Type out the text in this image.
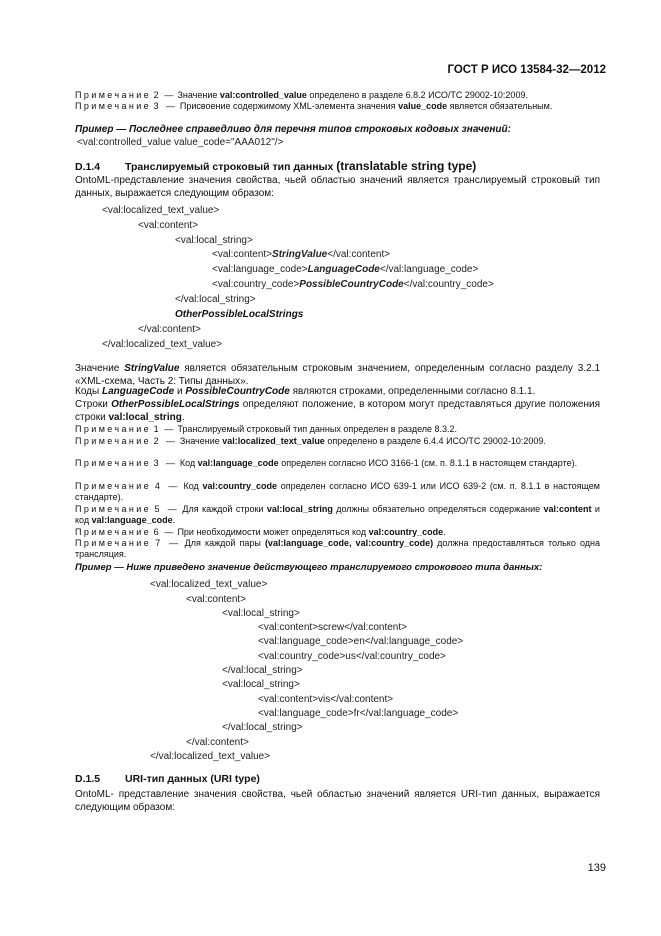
ГОСТ Р ИСО 13584-32—2012
Примечание 2 — Значение val:controlled_value определено в разделе 6.8.2 ИСО/ТС 29002-10:2009.
Примечание 3 — Присвоение содержимому XML-элемента значения value_code является обязательным.
Пример — Последнее справедливо для перечня типов строковых кодовых значений:
<val:controlled_value value_code="AAA012"/>
D.1.4 Транслируемый строковый тип данных (translatable string type)
OntoML-представление значения свойства, чьей областью значений является транслируемый строковый тип данных, выражается следующим образом:
<val:localized_text_value>
<val:content>
<val:local_string>
<val:content>StringValue</val:content>
<val:language_code>LanguageCode</val:language_code>
<val:country_code>PossibleCountryCode</val:country_code>
</val:local_string>
OtherPossibleLocalStrings
</val:content>
</val:localized_text_value>
Значение StringValue является обязательным строковым значением, определенным согласно разделу 3.2.1 «XML-схема, Часть 2: Типы данных».
Коды LanguageCode и PossibleCountryCode являются строками, определенными согласно 8.1.1.
Строки OtherPossibleLocalStrings определяют положение, в котором могут представляться другие положения строки val:local_string.
Примечание 1 — Транслируемый строковый тип данных определен в разделе 8.3.2.
Примечание 2 — Значение val:localized_text_value определено в разделе 6.4.4 ИСО/ТС 29002-10:2009.
Примечание 3 — Код val:language_code определен согласно ИСО 3166-1 (см. п. 8.1.1 в настоящем стандарте).
Примечание 4 — Код val:country_code определен согласно ИСО 639-1 или ИСО 639-2 (см. п. 8.1.1 в настоящем стандарте).
Примечание 5 — Для каждой строки val:local_string должны обязательно определяться содержание val:content и код val:language_code.
Примечание 6 — При необходимости может определяться код val:country_code.
Примечание 7 — Для каждой пары (val:language_code, val:country_code) должна предоставляться только одна трансляция.
Пример — Ниже приведено значение действующего транслируемого строкового типа данных:
<val:localized_text_value>
<val:content>
<val:local_string>
<val:content>screw</val:content>
<val:language_code>en</val:language_code>
<val:country_code>us</val:country_code>
</val:local_string>
<val:local_string>
<val:content>vis</val:content>
<val:language_code>fr</val:language_code>
</val:local_string>
</val:content>
</val:localized_text_value>
D.1.5 URI-тип данных (URI type)
OntoML- представление значения свойства, чьей областью значений является URI-тип данных, выражается следующим образом:
139
